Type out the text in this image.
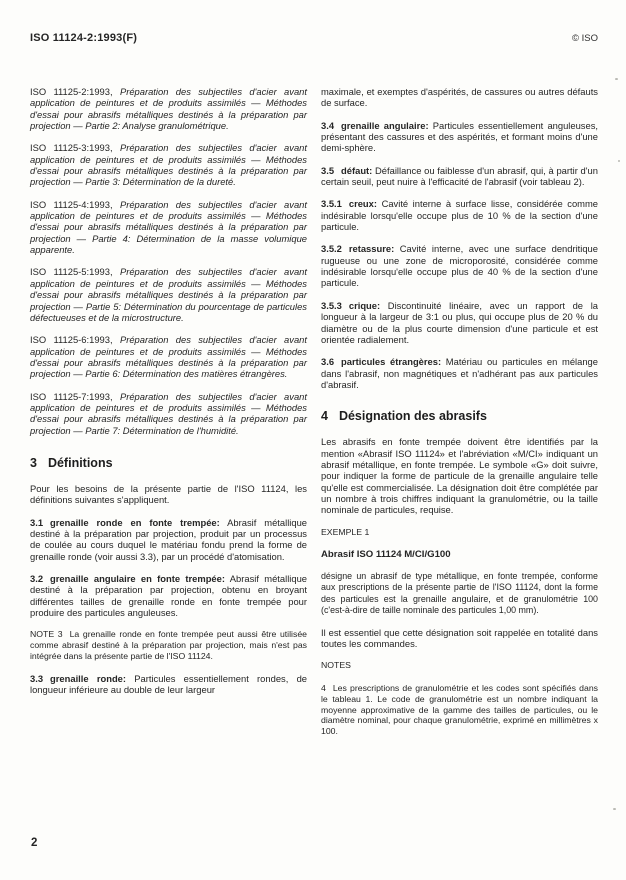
ISO 11124-2:1993(F)	© ISO

ISO 11125-2:1993, Préparation des subjectiles d'acier avant application de peintures et de produits assimilés — Méthodes d'essai pour abrasifs métalliques destinés à la préparation par projection — Partie 2: Analyse granulométrique.

ISO 11125-3:1993, Préparation des subjectiles d'acier avant application de peintures et de produits assimilés — Méthodes d'essai pour abrasifs métalliques destinés à la préparation par projection — Partie 3: Détermination de la dureté.

ISO 11125-4:1993, Préparation des subjectiles d'acier avant application de peintures et de produits assimilés — Méthodes d'essai pour abrasifs métalliques destinés à la préparation par projection — Partie 4: Détermination de la masse volumique apparente.

ISO 11125-5:1993, Préparation des subjectiles d'acier avant application de peintures et de produits assimilés — Méthodes d'essai pour abrasifs métalliques destinés à la préparation par projection — Partie 5: Détermination du pourcentage de particules défectueuses et de la microstructure.

ISO 11125-6:1993, Préparation des subjectiles d'acier avant application de peintures et de produits assimilés — Méthodes d'essai pour abrasifs métalliques destinés à la préparation par projection — Partie 6: Détermination des matières étrangères.

ISO 11125-7:1993, Préparation des subjectiles d'acier avant application de peintures et de produits assimilés — Méthodes d'essai pour abrasifs métalliques destinés à la préparation par projection — Partie 7: Détermination de l'humidité.

3 Définitions

Pour les besoins de la présente partie de l'ISO 11124, les définitions suivantes s'appliquent.

3.1 grenaille ronde en fonte trempée: Abrasif métallique destiné à la préparation par projection, produit par un processus de coulée au cours duquel le matériau fondu prend la forme de grenaille ronde (voir aussi 3.3), par un procédé d'atomisation.

3.2 grenaille angulaire en fonte trempée: Abrasif métallique destiné à la préparation par projection, obtenu en broyant différentes tailles de grenaille ronde en fonte trempée pour produire des particules anguleuses.

NOTE 3 La grenaille ronde en fonte trempée peut aussi être utilisée comme abrasif destiné à la préparation par projection, mais n'est pas intégrée dans la présente partie de l'ISO 11124.

3.3 grenaille ronde: Particules essentiellement rondes, de longueur inférieure au double de leur largeur

maximale, et exemptes d'aspérités, de cassures ou autres défauts de surface.

3.4 grenaille angulaire: Particules essentiellement anguleuses, présentant des cassures et des aspérités, et formant moins d'une demi-sphère.

3.5 défaut: Défaillance ou faiblesse d'un abrasif, qui, à partir d'un certain seuil, peut nuire à l'efficacité de l'abrasif (voir tableau 2).

3.5.1 creux: Cavité interne à surface lisse, considérée comme indésirable lorsqu'elle occupe plus de 10 % de la section d'une particule.

3.5.2 retassure: Cavité interne, avec une surface dendritique rugueuse ou une zone de microporosité, considérée comme indésirable lorsqu'elle occupe plus de 40 % de la section d'une particule.

3.5.3 crique: Discontinuité linéaire, avec un rapport de la longueur à la largeur de 3:1 ou plus, qui occupe plus de 20 % du diamètre ou de la plus courte dimension d'une particule et est orientée radialement.

3.6 particules étrangères: Matériau ou particules en mélange dans l'abrasif, non magnétiques et n'adhérant pas aux particules d'abrasif.

4 Désignation des abrasifs

Les abrasifs en fonte trempée doivent être identifiés par la mention «Abrasif ISO 11124» et l'abréviation «M/CI» indiquant un abrasif métallique, en fonte trempée. Le symbole «G» doit suivre, pour indiquer la forme de particule de la grenaille angulaire telle qu'elle est commercialisée. La désignation doit être complétée par un nombre à trois chiffres indiquant la granulométrie, ou la taille nominale de particules, requise.

EXEMPLE 1

Abrasif ISO 11124 M/CI/G100

désigne un abrasif de type métallique, en fonte trempée, conforme aux prescriptions de la présente partie de l'ISO 11124, dont la forme des particules est la grenaille angulaire, et de granulométrie 100 (c'est-à-dire de taille nominale des particules 1,00 mm).

Il est essentiel que cette désignation soit rappelée en totalité dans toutes les commandes.

NOTES

4 Les prescriptions de granulométrie et les codes sont spécifiés dans le tableau 1. Le code de granulométrie est un nombre indiquant la moyenne approximative de la gamme des tailles de particules, ou le diamètre nominal, pour chaque granulométrie, exprimé en millimètres x 100.

2
